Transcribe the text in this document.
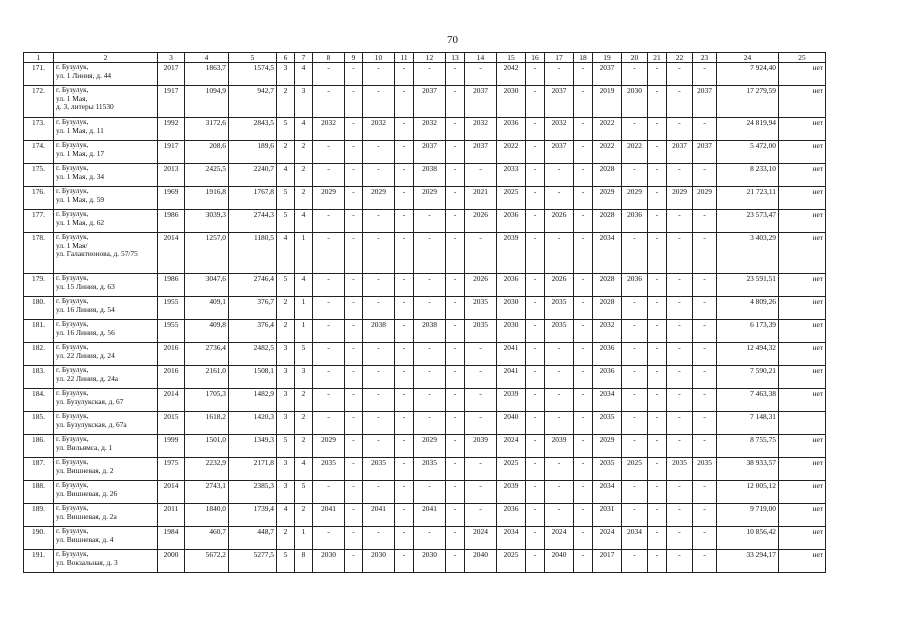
70
1	2	3	4	5	6	7	8	9	10	11	12	13	14	15	16	17	18	19	20	21	22	23	24	25
171.	г. Бузулук,
ул. 1 Линия, д. 44	2017	1863,7	1574,5	3	4	-	-	-	-	-	-	-	2042	-	-	-	2037	-	-	-	-	7 924,40	нет
172.	г. Бузулук,
ул. 1 Мая,
д. 3, литеры 11530	1917	1094,9	942,7	2	3	-	-	-	-	2037	-	2037	2030	-	2037	-	2019	2030	-	-	2037	17 279,59	нет
173.	г. Бузулук,
ул. 1 Мая, д. 11	1992	3172,6	2843,5	5	4	2032	-	2032	-	2032	-	2032	2036	-	2032	-	2022	-	-	-	-	24 819,94	нет
174.	г. Бузулук,
ул. 1 Мая, д. 17	1917	208,6	189,6	2	2	-	-	-	-	2037	-	2037	2022	-	2037	-	2022	2022	-	2037	2037	5 472,00	нет
175.	г. Бузулук,
ул. 1 Мая, д. 34	2013	2425,5	2240,7	4	2	-	-	-	-	2038	-	-	2033	-	-	-	2028	-	-	-	-	8 233,10	нет
176.	г. Бузулук,
ул. 1 Мая, д. 59	1969	1916,8	1767,8	5	2	2029	-	2029	-	2029	-	2021	2025	-	-	-	2029	2029	-	2029	2029	21 723,11	нет
177.	г. Бузулук,
ул. 1 Мая, д. 62	1986	3039,3	2744,3	5	4	-	-	-	-	-	-	2026	2036	-	2026	-	2028	2036	-	-	-	23 573,47	нет
178.	г. Бузулук,
ул. 1 Мая/
ул. Галактионова, д. 57/75	2014	1257,0	1180,5	4	1	-	-	-	-	-	-	-	2039	-	-	-	2034	-	-	-	-	3 403,29	нет
179.	г. Бузулук,
ул. 15 Линия, д. 63	1986	3047,6	2746,4	5	4	-	-	-	-	-	-	2026	2036	-	2026	-	2028	2036	-	-	-	23 591,51	нет
180.	г. Бузулук,
ул. 16 Линия, д. 54	1955	409,1	376,7	2	1	-	-	-	-	-	-	2035	2030	-	2035	-	2028	-	-	-	-	4 809,26	нет
181.	г. Бузулук,
ул. 16 Линия, д. 56	1955	409,8	376,4	2	1	-	-	2038	-	2038	-	2035	2030	-	2035	-	2032	-	-	-	-	6 173,39	нет
182.	г. Бузулук,
ул. 22 Линия, д. 24	2016	2736,4	2482,5	3	5	-	-	-	-	-	-	-	2041	-	-	-	2036	-	-	-	-	12 494,32	нет
183.	г. Бузулук,
ул. 22 Линия, д. 24а	2016	2161,0	1508,1	3	3	-	-	-	-	-	-	-	2041	-	-	-	2036	-	-	-	-	7 590,21	нет
184.	г. Бузулук,
ул. Бузулукская, д. 67	2014	1705,3	1482,9	3	2	-	-	-	-	-	-	-	2039	-	-	-	2034	-	-	-	-	7 463,38	нет
185.	г. Бузулук,
ул. Бузулукская, д. 67а	2015	1618,2	1420,3	3	2	-	-	-	-	-	-	-	2040	-	-	-	2035	-	-	-	-	7 148,31	
186.	г. Бузулук,
ул. Вильямса, д. 1	1999	1501,0	1349,3	5	2	2029	-	-	-	2029	-	2039	2024	-	2039	-	2029	-	-	-	-	8 755,75	нет
187.	г. Бузулук,
ул. Вишневая, д. 2	1975	2232,9	2171,8	3	4	2035	-	2035	-	2035	-	-	2025	-	-	-	2035	2025	-	2035	2035	38 933,57	нет
188.	г. Бузулук,
ул. Вишневая, д. 26	2014	2743,1	2385,3	3	5	-	-	-	-	-	-	-	2039	-	-	-	2034	-	-	-	-	12 005,12	нет
189.	г. Бузулук,
ул. Вишневая, д. 2а	2011	1840,0	1739,4	4	2	2041	-	2041	-	2041	-	-	2036	-	-	-	2031	-	-	-	-	9 719,00	нет
190.	г. Бузулук,
ул. Вишневая, д. 4	1984	460,7	448,7	2	1	-	-	-	-	-	-	2024	2034	-	2024	-	2024	2034	-	-	-	10 856,42	нет
191.	г. Бузулук,
ул. Вокзальная, д. 3	2000	5672,2	5277,5	5	8	2030	-	2030	-	2030	-	2040	2025	-	2040	-	2017	-	-	-	-	33 294,17	нет
